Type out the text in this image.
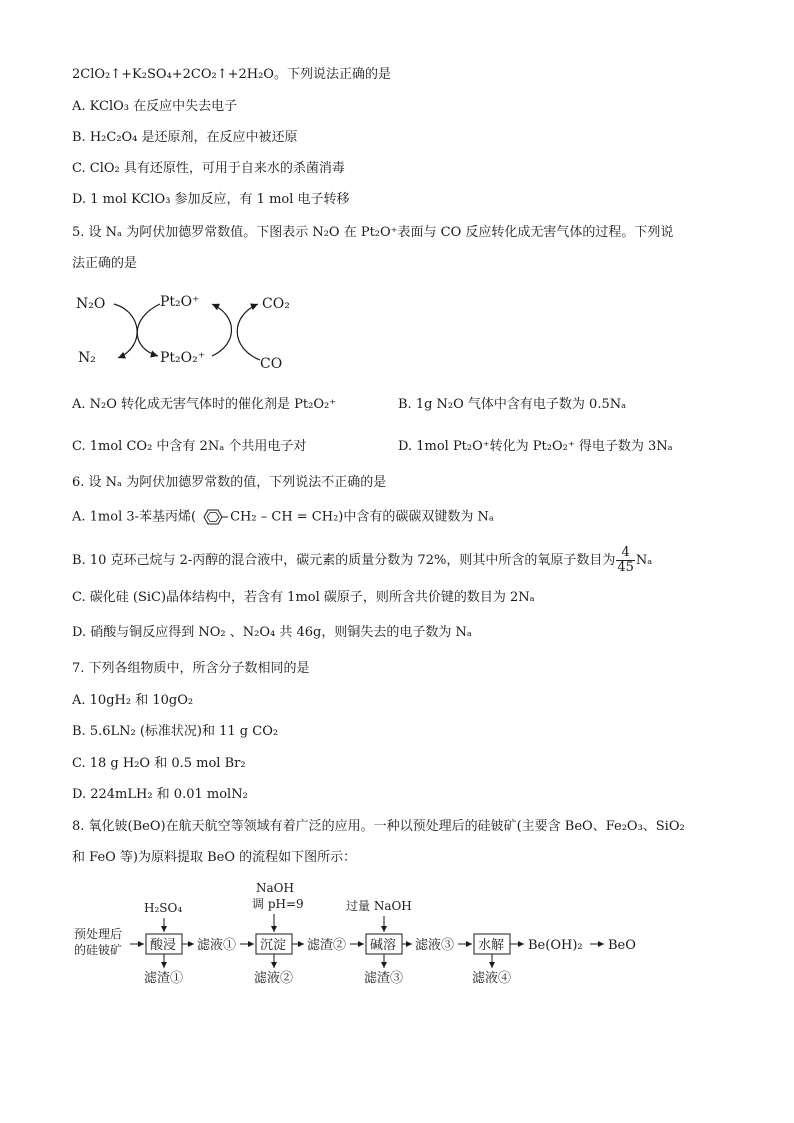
2ClO₂↑+K₂SO₄+2CO₂↑+2H₂O。下列说法正确的是
A. KClO₃ 在反应中失去电子
B. H₂C₂O₄ 是还原剂，在反应中被还原
C. ClO₂ 具有还原性，可用于自来水的杀菌消毒
D. 1 mol KClO₃ 参加反应，有 1 mol 电子转移
5. 设 Nₐ 为阿伏加德罗常数值。下图表示 N₂O 在 Pt₂O⁺表面与 CO 反应转化成无害气体的过程。下列说
法正确的是
N₂O
N₂
Pt₂O⁺
Pt₂O₂⁺
CO₂
CO
A. N₂O 转化成无害气体时的催化剂是 Pt₂O₂⁺	B. 1g N₂O 气体中含有电子数为 0.5Nₐ
C. 1mol CO₂ 中含有 2Nₐ 个共用电子对	D. 1mol Pt₂O⁺转化为 Pt₂O₂⁺ 得电子数为 3Nₐ
6. 设 Nₐ 为阿伏加德罗常数的值，下列说法不正确的是
A. 1mol 3-苯基丙烯(	CH₂ – CH = CH₂)中含有的碳碳双键数为 Nₐ
B. 10 克环己烷与 2-丙醇的混合液中，碳元素的质量分数为 72%，则其中所含的氧原子数目为 $\frac{4}{45}$ Nₐ
C. 碳化硅 (SiC)晶体结构中，若含有 1mol 碳原子，则所含共价键的数目为 2Nₐ
D. 硝酸与铜反应得到 NO₂ 、N₂O₄ 共 46g，则铜失去的电子数为 Nₐ
7. 下列各组物质中，所含分子数相同的是
A. 10gH₂ 和 10gO₂
B. 5.6LN₂ (标准状况)和 11 g CO₂
C. 18 g H₂O 和 0.5 mol Br₂
D. 224mLH₂ 和 0.01 molN₂
8. 氧化铍(BeO)在航天航空等领域有着广泛的应用。一种以预处理后的硅铍矿(主要含 BeO、Fe₂O₃、SiO₂
和 FeO 等)为原料提取 BeO 的流程如下图所示：
预处理后
的硅铍矿
H₂SO₄
酸浸 滤液①
滤渣①
NaOH
调 pH=9
沉淀 滤渣②
滤液②
过量 NaOH
碱溶 滤液③
滤渣③
水解
滤液④
Be(OH)₂ BeO
